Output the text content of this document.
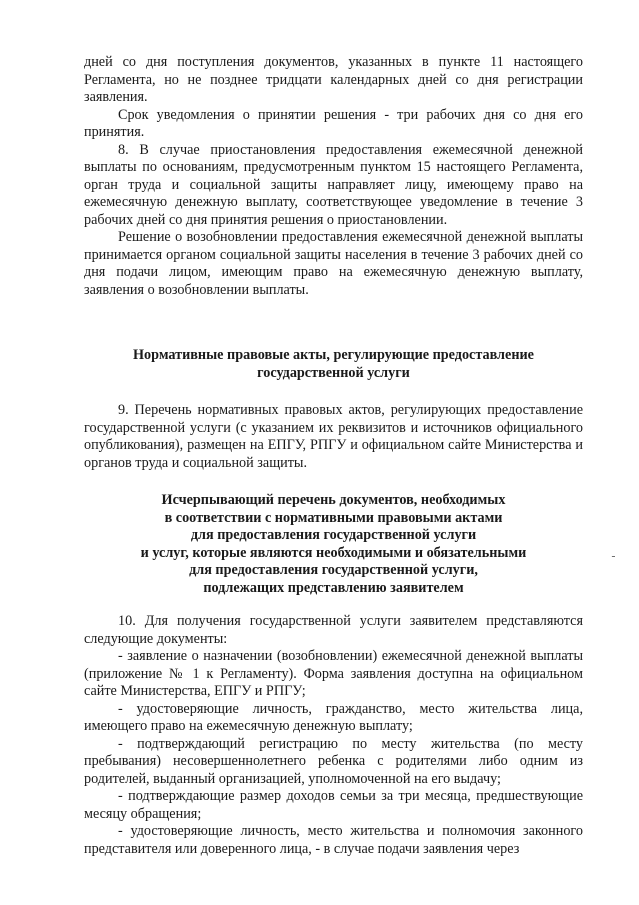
дней со дня поступления документов, указанных в пункте 11 настоящего Регламента, но не позднее тридцати календарных дней со дня регистрации заявления.

Срок уведомления о принятии решения - три рабочих дня со дня его принятия.

8. В случае приостановления предоставления ежемесячной денежной выплаты по основаниям, предусмотренным пунктом 15 настоящего Регламента, орган труда и социальной защиты направляет лицу, имеющему право на ежемесячную денежную выплату, соответствующее уведомление в течение 3 рабочих дней со дня принятия решения о приостановлении.

Решение о возобновлении предоставления ежемесячной денежной выплаты принимается органом социальной защиты населения в течение 3 рабочих дней со дня подачи лицом, имеющим право на ежемесячную денежную выплату, заявления о возобновлении выплаты.

Нормативные правовые акты, регулирующие предоставление
государственной услуги

9. Перечень нормативных правовых актов, регулирующих предоставление государственной услуги (с указанием их реквизитов и источников официального опубликования), размещен на ЕПГУ, РПГУ и официальном сайте Министерства и органов труда и социальной защиты.

Исчерпывающий перечень документов, необходимых
в соответствии с нормативными правовыми актами
для предоставления государственной услуги
и услуг, которые являются необходимыми и обязательными
для предоставления государственной услуги,
подлежащих представлению заявителем

10. Для получения государственной услуги заявителем представляются следующие документы:

- заявление о назначении (возобновлении) ежемесячной денежной выплаты (приложение № 1 к Регламенту). Форма заявления доступна на официальном сайте Министерства, ЕПГУ и РПГУ;

- удостоверяющие личность, гражданство, место жительства лица, имеющего право на ежемесячную денежную выплату;

- подтверждающий регистрацию по месту жительства (по месту пребывания) несовершеннолетнего ребенка с родителями либо одним из родителей, выданный организацией, уполномоченной на его выдачу;

- подтверждающие размер доходов семьи за три месяца, предшествующие месяцу обращения;

- удостоверяющие личность, место жительства и полномочия законного представителя или доверенного лица, - в случае подачи заявления через

╴
